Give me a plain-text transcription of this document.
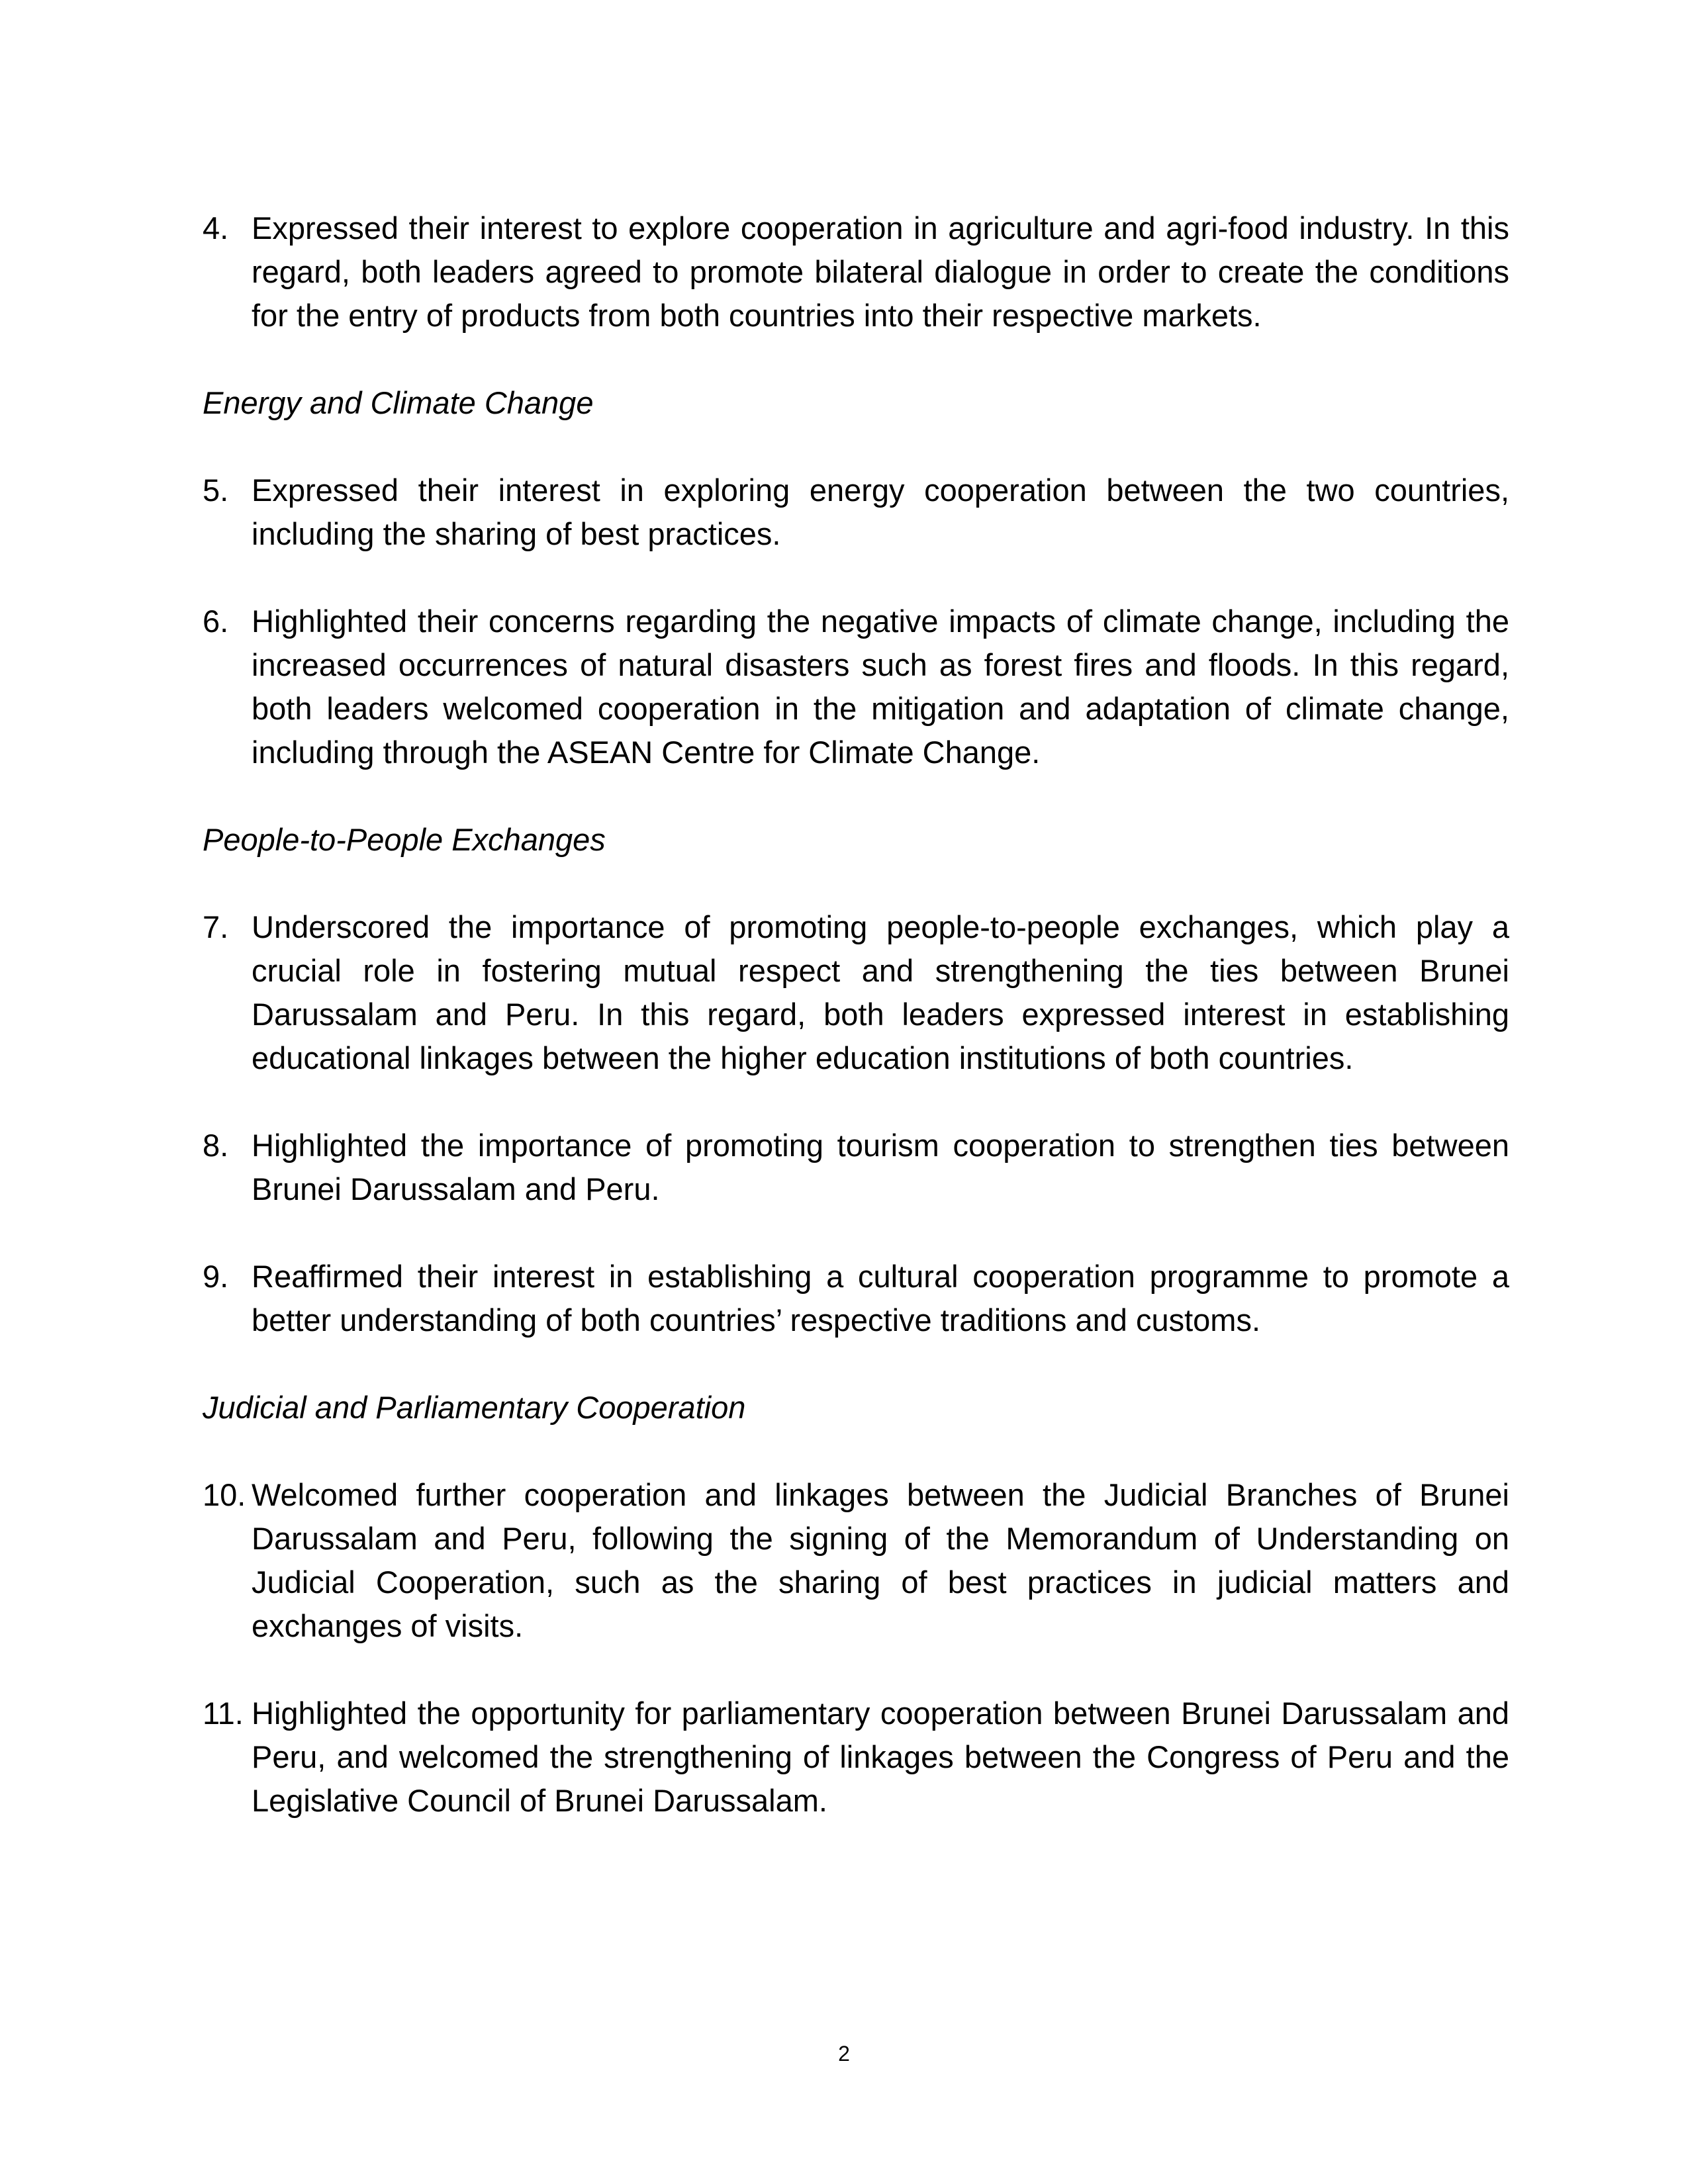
4. Expressed their interest to explore cooperation in agriculture and agri-food industry. In this regard, both leaders agreed to promote bilateral dialogue in order to create the conditions for the entry of products from both countries into their respective markets.
Energy and Climate Change
5. Expressed their interest in exploring energy cooperation between the two countries, including the sharing of best practices.
6. Highlighted their concerns regarding the negative impacts of climate change, including the increased occurrences of natural disasters such as forest fires and floods. In this regard, both leaders welcomed cooperation in the mitigation and adaptation of climate change, including through the ASEAN Centre for Climate Change.
People-to-People Exchanges
7. Underscored the importance of promoting people-to-people exchanges, which play a crucial role in fostering mutual respect and strengthening the ties between Brunei Darussalam and Peru. In this regard, both leaders expressed interest in establishing educational linkages between the higher education institutions of both countries.
8. Highlighted the importance of promoting tourism cooperation to strengthen ties between Brunei Darussalam and Peru.
9. Reaffirmed their interest in establishing a cultural cooperation programme to promote a better understanding of both countries’ respective traditions and customs.
Judicial and Parliamentary Cooperation
10. Welcomed further cooperation and linkages between the Judicial Branches of Brunei Darussalam and Peru, following the signing of the Memorandum of Understanding on Judicial Cooperation, such as the sharing of best practices in judicial matters and exchanges of visits.
11. Highlighted the opportunity for parliamentary cooperation between Brunei Darussalam and Peru, and welcomed the strengthening of linkages between the Congress of Peru and the Legislative Council of Brunei Darussalam.
2
